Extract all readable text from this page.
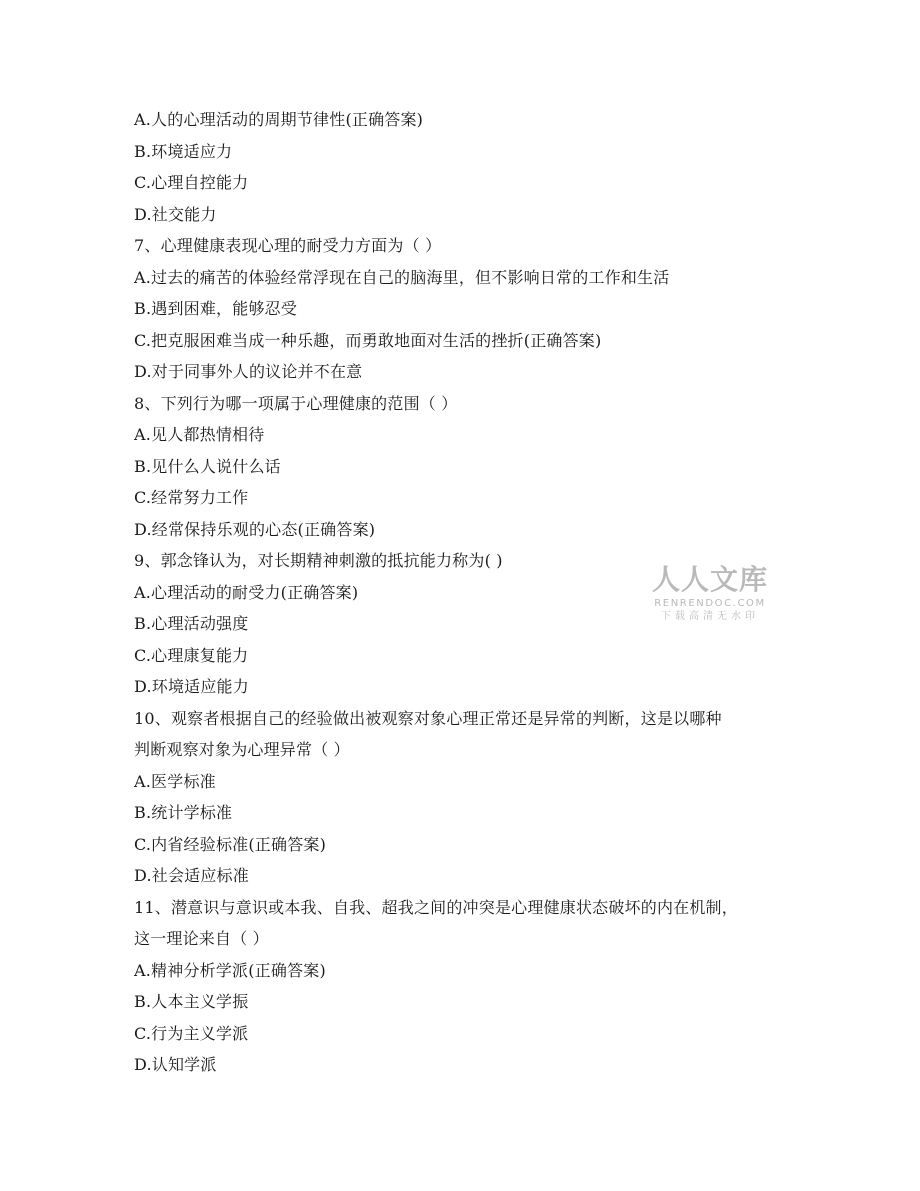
A.人的心理活动的周期节律性(正确答案)
B.环境适应力
C.心理自控能力
D.社交能力
7、心理健康表现心理的耐受力方面为（ ）
A.过去的痛苦的体验经常浮现在自己的脑海里，但不影响日常的工作和生活
B.遇到困难，能够忍受
C.把克服困难当成一种乐趣，而勇敢地面对生活的挫折(正确答案)
D.对于同事外人的议论并不在意
8、下列行为哪一项属于心理健康的范围（ ）
A.见人都热情相待
B.见什么人说什么话
C.经常努力工作
D.经常保持乐观的心态(正确答案)
9、郭念锋认为，对长期精神刺激的抵抗能力称为( )
A.心理活动的耐受力(正确答案)
B.心理活动强度
C.心理康复能力
D.环境适应能力
10、观察者根据自己的经验做出被观察对象心理正常还是异常的判断，这是以哪种
判断观察对象为心理异常（ ）
A.医学标准
B.统计学标准
C.内省经验标准(正确答案)
D.社会适应标准
11、潜意识与意识或本我、自我、超我之间的冲突是心理健康状态破坏的内在机制，
这一理论来自（ ）
A.精神分析学派(正确答案)
B.人本主义学振
C.行为主义学派
D.认知学派
人人文库
RENRENDOC.COM
下载高清无水印
